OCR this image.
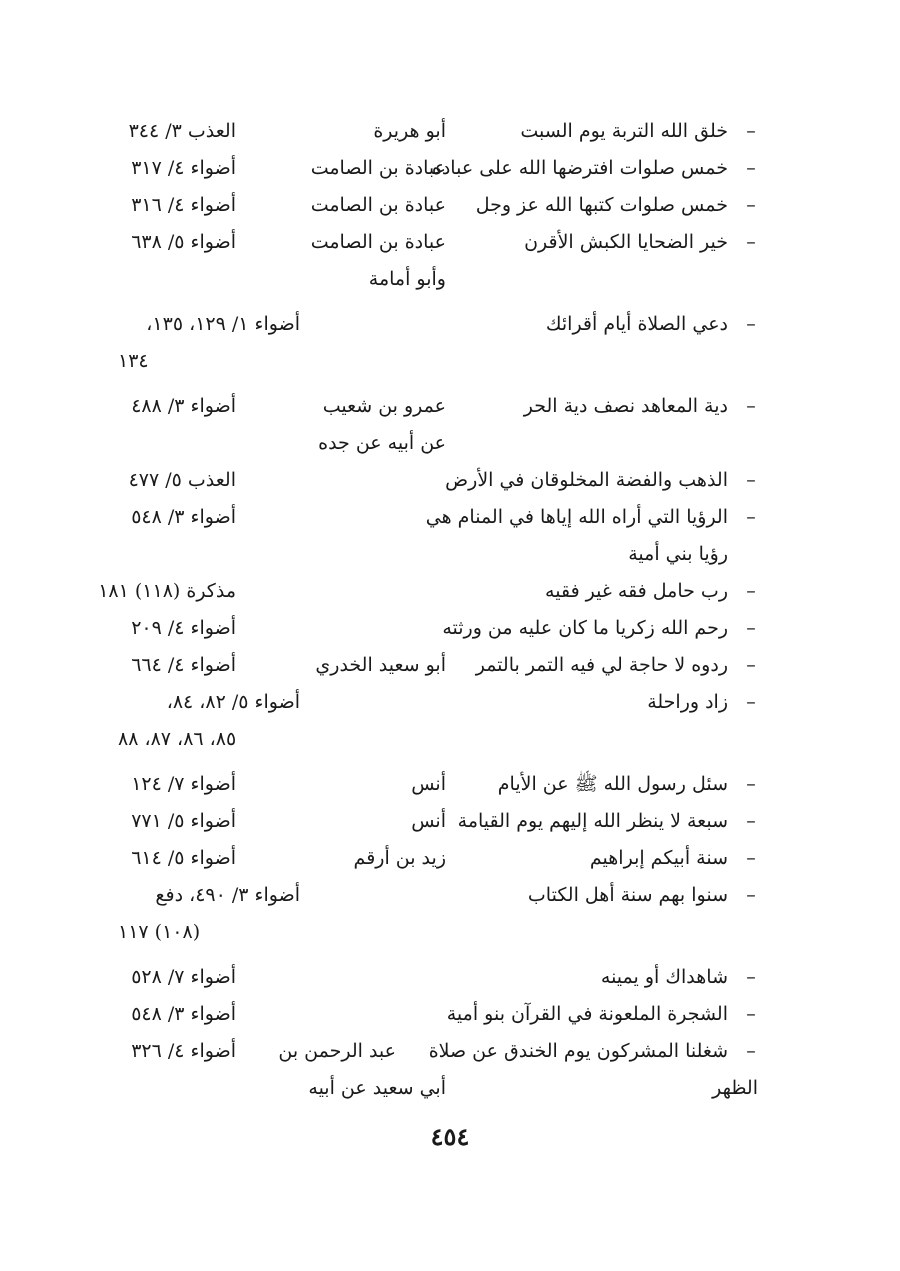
–
خلق الله التربة يوم السبت
أبو هريرة
العذب ٣/ ٣٤٤
–
خمس صلوات افترضها الله على عباده
عبادة بن الصامت
أضواء ٤/ ٣١٧
–
خمس صلوات كتبها الله عز وجل
عبادة بن الصامت
أضواء ٤/ ٣١٦
–
خير الضحايا الكبش الأقرن
عبادة بن الصامت
أضواء ٥/ ٦٣٨
وأبو أمامة
–
دعي الصلاة أيام أقرائك
أضواء ١/ ١٢٩، ١٣٥،
١٣٤
–
دية المعاهد نصف دية الحر
عمرو بن شعيب
أضواء ٣/ ٤٨٨
عن أبيه عن جده
–
الذهب والفضة المخلوقان في الأرض
العذب ٥/ ٤٧٧
–
الرؤيا التي أراه الله إياها في المنام هي
أضواء ٣/ ٥٤٨
رؤيا بني أمية
–
رب حامل فقه غير فقيه
مذكرة (١١٨) ١٨١
–
رحم الله زكريا ما كان عليه من ورثته
أضواء ٤/ ٢٠٩
–
ردوه لا حاجة لي فيه التمر بالتمر
أبو سعيد الخدري
أضواء ٤/ ٦٦٤
–
زاد وراحلة
أضواء ٥/ ٨٢، ٨٤،
٨٥، ٨٦، ٨٧، ٨٨
–
سئل رسول الله ﷺ عن الأيام
أنس
أضواء ٧/ ١٢٤
–
سبعة لا ينظر الله إليهم يوم القيامة
أنس
أضواء ٥/ ٧٧١
–
سنة أبيكم إبراهيم
زيد بن أرقم
أضواء ٥/ ٦١٤
–
سنوا بهم سنة أهل الكتاب
أضواء ٣/ ٤٩٠، دفع
(١٠٨) ١١٧
–
شاهداك أو يمينه
أضواء ٧/ ٥٢٨
–
الشجرة الملعونة في القرآن بنو أمية
أضواء ٣/ ٥٤٨
–
شغلنا المشركون يوم الخندق عن صلاة
عبد الرحمن بن
أضواء ٤/ ٣٢٦
الظهر
أبي سعيد عن أبيه
٤٥٤
